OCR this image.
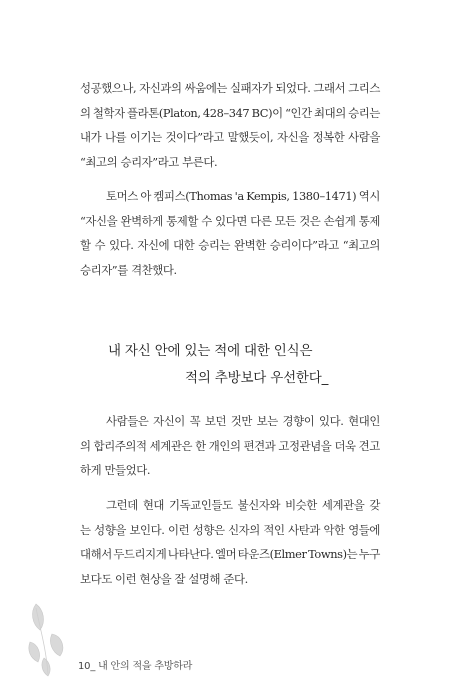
성공했으나, 자신과의 싸움에는 실패자가 되었다. 그래서 그리스
의 철학자 플라톤(Platon, 428–347 BC)이 “인간 최대의 승리는
내가 나를 이기는 것이다”라고 말했듯이, 자신을 정복한 사람을
“최고의 승리자”라고 부른다.
토머스 아 켐피스(Thomas 'a Kempis, 1380–1471) 역시
“자신을 완벽하게 통제할 수 있다면 다른 모든 것은 손쉽게 통제
할 수 있다. 자신에 대한 승리는 완벽한 승리이다”라고 “최고의
승리자”를 격찬했다.
내 자신 안에 있는 적에 대한 인식은
적의 추방보다 우선한다_
사람들은 자신이 꼭 보던 것만 보는 경향이 있다. 현대인
의 합리주의적 세계관은 한 개인의 편견과 고정관념을 더욱 견고
하게 만들었다.
그런데 현대 기독교인들도 불신자와 비슷한 세계관을 갖
는 성향을 보인다. 이런 성향은 신자의 적인 사탄과 악한 영들에
대해서 두드리지게 나타난다. 엘머 타운즈(Elmer Towns)는 누구
보다도 이런 현상을 잘 설명해 준다.
10_ 내 안의 적을 추방하라
